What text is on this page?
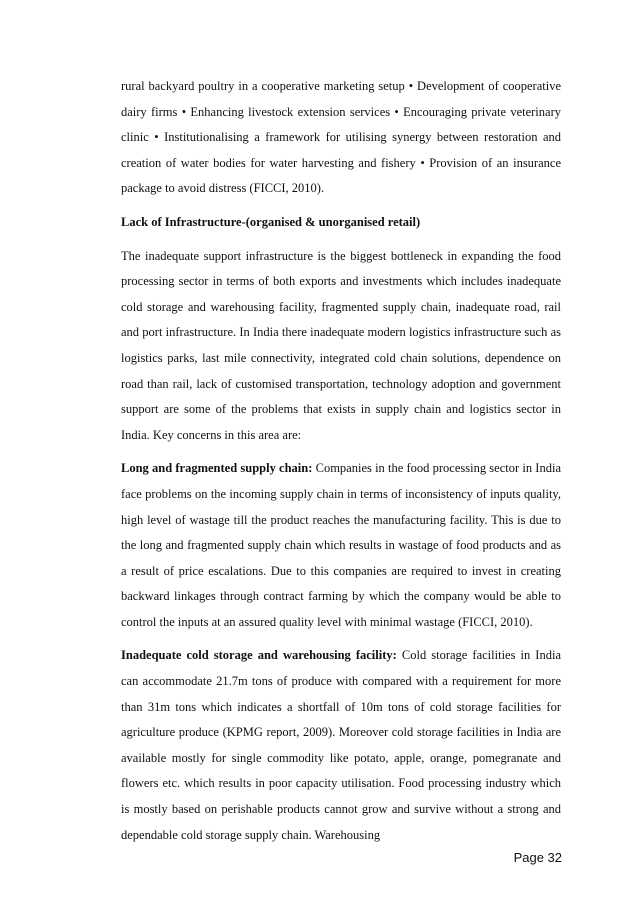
rural backyard poultry in a cooperative marketing setup • Development of cooperative dairy firms • Enhancing livestock extension services • Encouraging private veterinary clinic • Institutionalising a framework for utilising synergy between restoration and creation of water bodies for water harvesting and fishery • Provision of an insurance package to avoid distress (FICCI, 2010).

Lack of Infrastructure-(organised & unorganised retail)

The inadequate support infrastructure is the biggest bottleneck in expanding the food processing sector in terms of both exports and investments which includes inadequate cold storage and warehousing facility, fragmented supply chain, inadequate road, rail and port infrastructure. In India there inadequate modern logistics infrastructure such as logistics parks, last mile connectivity, integrated cold chain solutions, dependence on road than rail, lack of customised transportation, technology adoption and government support are some of the problems that exists in supply chain and logistics sector in India. Key concerns in this area are:

Long and fragmented supply chain: Companies in the food processing sector in India face problems on the incoming supply chain in terms of inconsistency of inputs quality, high level of wastage till the product reaches the manufacturing facility. This is due to the long and fragmented supply chain which results in wastage of food products and as a result of price escalations. Due to this companies are required to invest in creating backward linkages through contract farming by which the company would be able to control the inputs at an assured quality level with minimal wastage (FICCI, 2010).

Inadequate cold storage and warehousing facility: Cold storage facilities in India can accommodate 21.7m tons of produce with compared with a requirement for more than 31m tons which indicates a shortfall of 10m tons of cold storage facilities for agriculture produce (KPMG report, 2009). Moreover cold storage facilities in India are available mostly for single commodity like potato, apple, orange, pomegranate and flowers etc. which results in poor capacity utilisation. Food processing industry which is mostly based on perishable products cannot grow and survive without a strong and dependable cold storage supply chain. Warehousing

Page 32
